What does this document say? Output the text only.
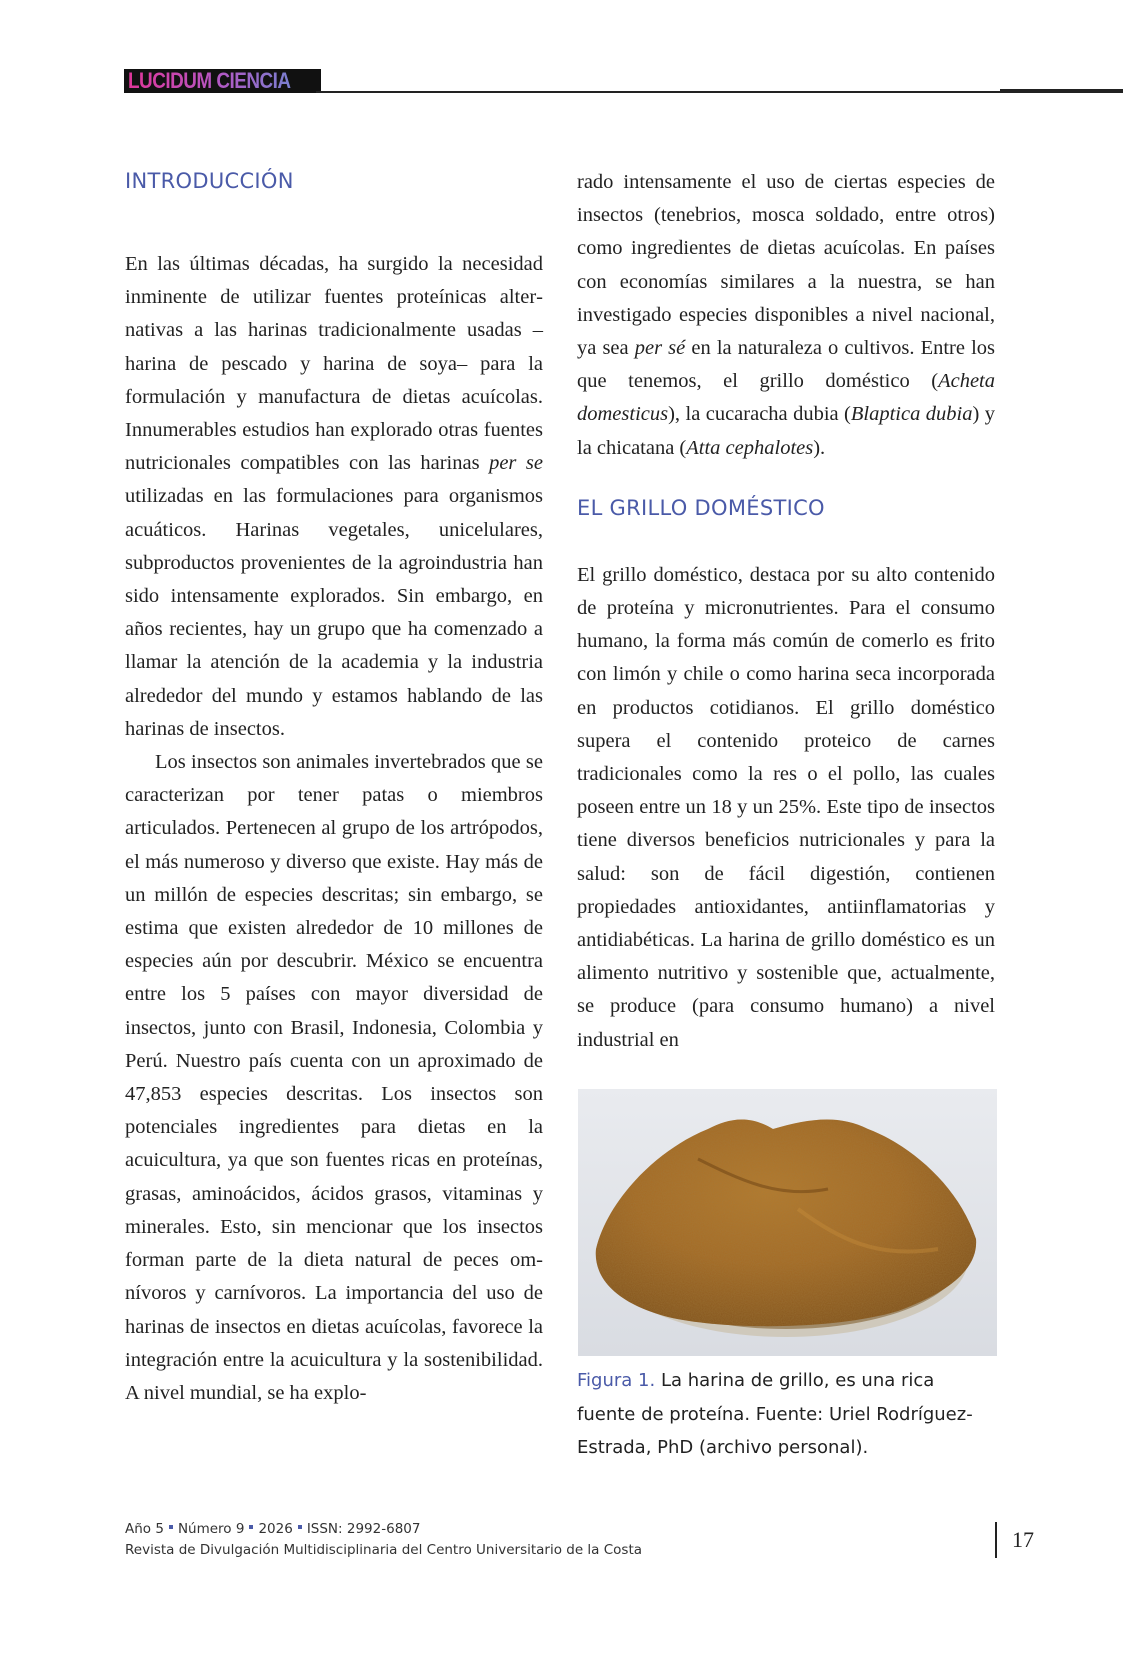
LUCIDUM CIENCIA
INTRODUCCIÓN

En las últimas décadas, ha surgido la necesidad inminente de utilizar fuentes proteínicas alternativas a las harinas tradicionalmente usadas –harina de pescado y harina de soya– para la formulación y manufactura de dietas acuícolas. Innumerables estudios han explorado otras fuentes nutricionales compatibles con las harinas per se utilizadas en las formulaciones para organismos acuáticos. Harinas vegetales, unicelulares, subproductos provenientes de la agroindustria han sido intensamente explorados. Sin embargo, en años recientes, hay un grupo que ha comenzado a llamar la atención de la academia y la industria alrededor del mundo y estamos hablando de las harinas de insectos.

Los insectos son animales invertebrados que se caracterizan por tener patas o miembros articulados. Pertenecen al grupo de los artrópodos, el más numeroso y diverso que existe. Hay más de un millón de especies descritas; sin embargo, se estima que existen alrededor de 10 millones de especies aún por descubrir. México se encuentra entre los 5 países con mayor diversidad de insectos, junto con Brasil, Indonesia, Colombia y Perú. Nuestro país cuenta con un aproximado de 47,853 especies descritas. Los insectos son potenciales ingredientes para dietas en la acuicultura, ya que son fuentes ricas en proteínas, grasas, aminoácidos, ácidos grasos, vitaminas y minerales. Esto, sin mencionar que los insectos forman parte de la dieta natural de peces omnívoros y carnívoros. La importancia del uso de harinas de insectos en dietas acuícolas, favorece la integración entre la acuicultura y la sostenibilidad. A nivel mundial, se ha explo-

rado intensamente el uso de ciertas especies de insectos (tenebrios, mosca soldado, entre otros) como ingredientes de dietas acuícolas. En países con economías similares a la nuestra, se han investigado especies disponibles a nivel nacional, ya sea per sé en la naturaleza o cultivos. Entre los que tenemos, el grillo doméstico (Acheta domesticus), la cucaracha dubia (Blaptica dubia) y la chicatana (Atta cephalotes).

EL GRILLO DOMÉSTICO

El grillo doméstico, destaca por su alto contenido de proteína y micronutrientes. Para el consumo humano, la forma más común de comerlo es frito con limón y chile o como harina seca incorporada en productos cotidianos. El grillo doméstico supera el contenido proteico de carnes tradicionales como la res o el pollo, las cuales poseen entre un 18 y un 25%. Este tipo de insectos tiene diversos beneficios nutricionales y para la salud: son de fácil digestión, contienen propiedades antioxidantes, antiinflamatorias y antidiabéticas. La harina de grillo doméstico es un alimento nutritivo y sostenible que, actualmente, se produce (para consumo humano) a nivel industrial en

Figura 1. La harina de grillo, es una rica fuente de proteína. Fuente: Uriel Rodríguez-Estrada, PhD (archivo personal).
Año 5 Número 9 2026 ISSN: 2992-6807
Revista de Divulgación Multidisciplinaria del Centro Universitario de la Costa	17
